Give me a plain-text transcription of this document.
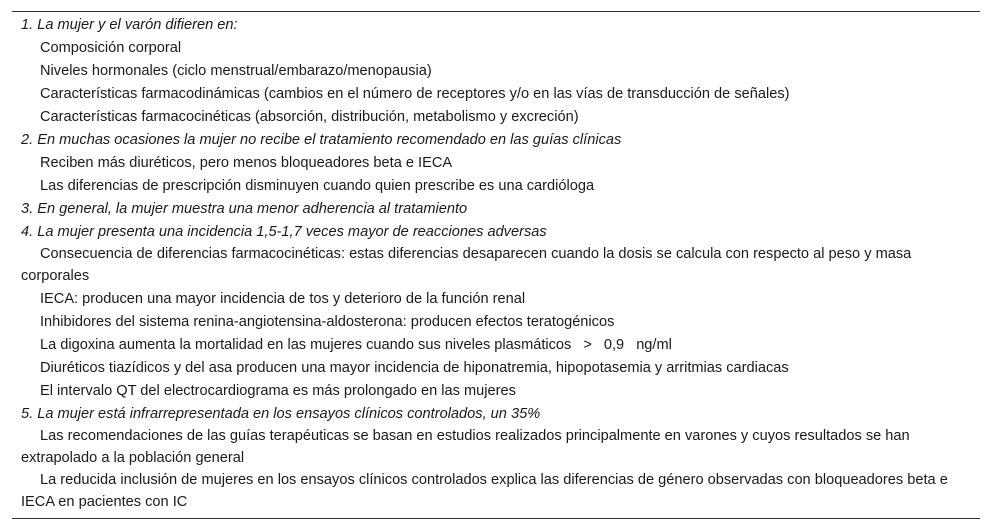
1. La mujer y el varón difieren en:

Composición corporal

Niveles hormonales (ciclo menstrual/embarazo/menopausia)

Características farmacodinámicas (cambios en el número de receptores y/o en las vías de transducción de señales)

Características farmacocinéticas (absorción, distribución, metabolismo y excreción)

2. En muchas ocasiones la mujer no recibe el tratamiento recomendado en las guías clínicas

Reciben más diuréticos, pero menos bloqueadores beta e IECA

Las diferencias de prescripción disminuyen cuando quien prescribe es una cardióloga

3. En general, la mujer muestra una menor adherencia al tratamiento

4. La mujer presenta una incidencia 1,5-1,7 veces mayor de reacciones adversas

Consecuencia de diferencias farmacocinéticas: estas diferencias desaparecen cuando la dosis se calcula con respecto al peso y masa corporales

IECA: producen una mayor incidencia de tos y deterioro de la función renal

Inhibidores del sistema renina-angiotensina-aldosterona: producen efectos teratogénicos

La digoxina aumenta la mortalidad en las mujeres cuando sus niveles plasmáticos > 0,9 ng/ml

Diuréticos tiazídicos y del asa producen una mayor incidencia de hiponatremia, hipopotasemia y arritmias cardiacas

El intervalo QT del electrocardiograma es más prolongado en las mujeres

5. La mujer está infrarrepresentada en los ensayos clínicos controlados, un 35%

Las recomendaciones de las guías terapéuticas se basan en estudios realizados principalmente en varones y cuyos resultados se han extrapolado a la población general

La reducida inclusión de mujeres en los ensayos clínicos controlados explica las diferencias de género observadas con bloqueadores beta e IECA en pacientes con IC
